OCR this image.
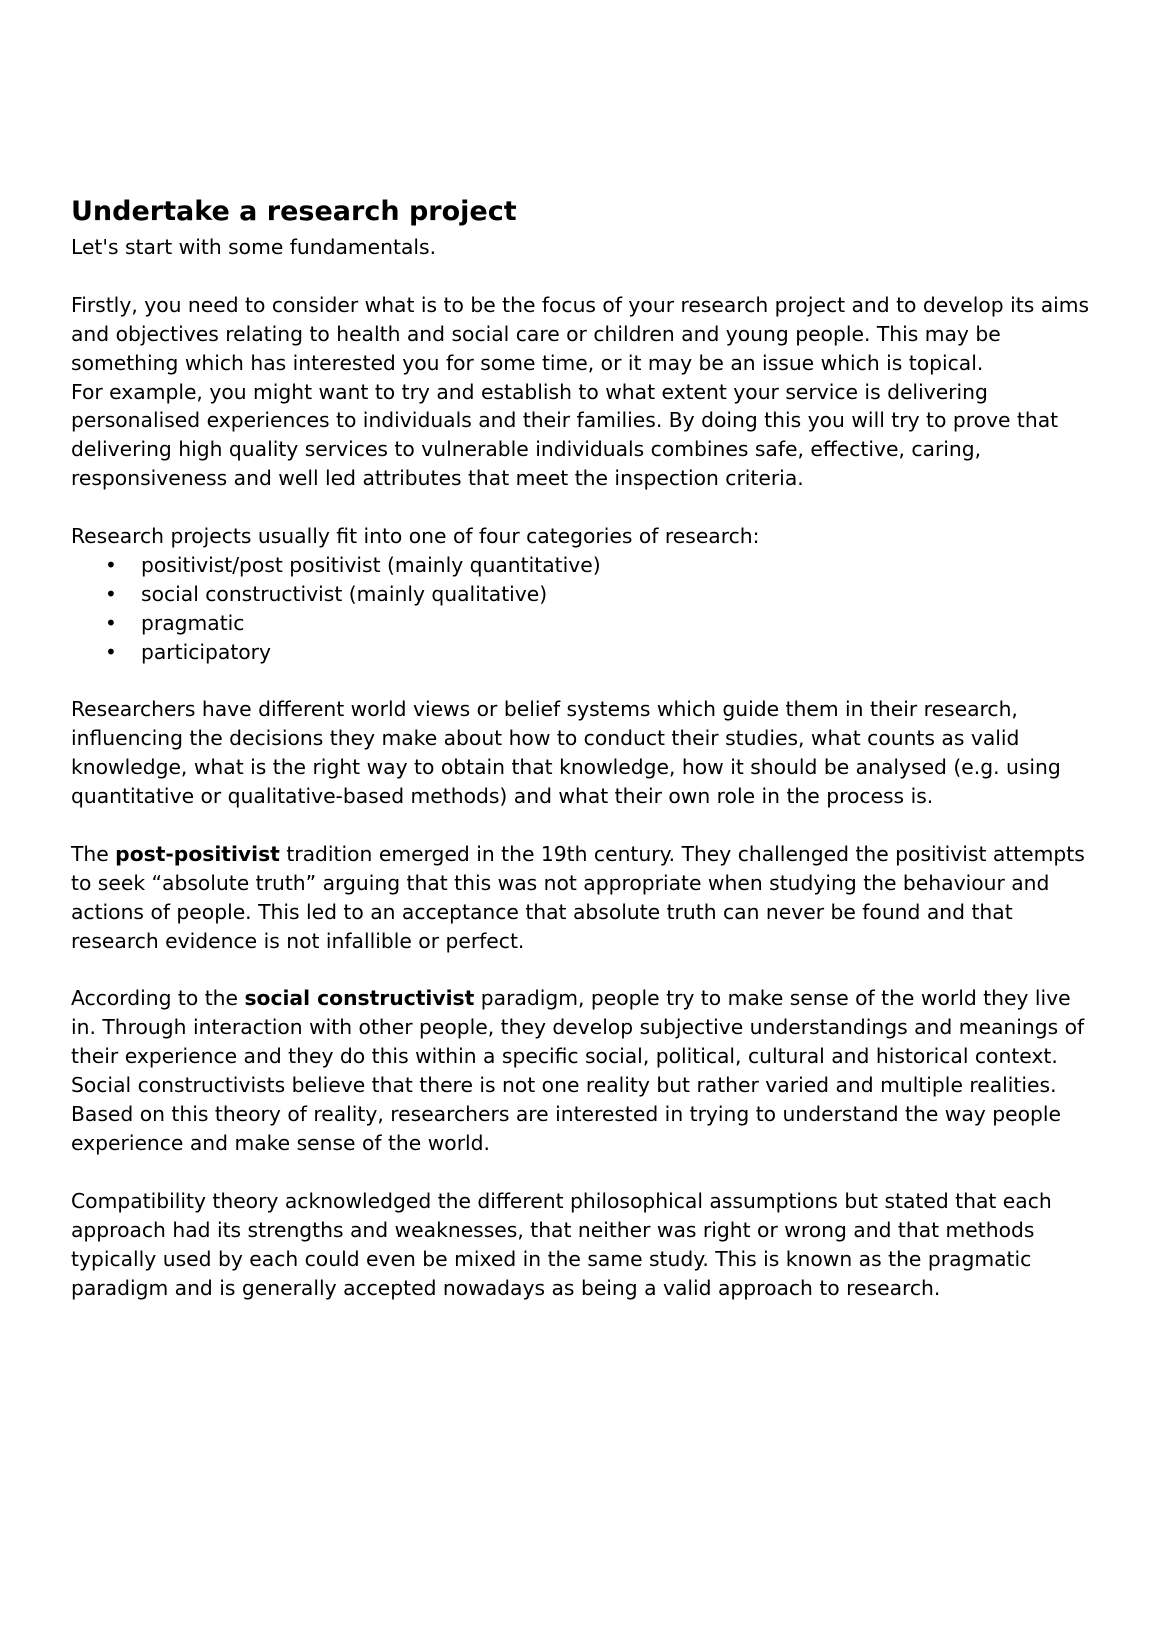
Undertake a research project

Let's start with some fundamentals.

Firstly, you need to consider what is to be the focus of your research project and to develop its aims and objectives relating to health and social care or children and young people. This may be something which has interested you for some time, or it may be an issue which is topical.

For example, you might want to try and establish to what extent your service is delivering personalised experiences to individuals and their families. By doing this you will try to prove that delivering high quality services to vulnerable individuals combines safe, effective, caring, responsiveness and well led attributes that meet the inspection criteria.

Research projects usually fit into one of four categories of research:

• positivist/post positivist (mainly quantitative)
• social constructivist (mainly qualitative)
• pragmatic
• participatory

Researchers have different world views or belief systems which guide them in their research, influencing the decisions they make about how to conduct their studies, what counts as valid knowledge, what is the right way to obtain that knowledge, how it should be analysed (e.g. using quantitative or qualitative-based methods) and what their own role in the process is.

The post-positivist tradition emerged in the 19th century. They challenged the positivist attempts to seek “absolute truth” arguing that this was not appropriate when studying the behaviour and actions of people. This led to an acceptance that absolute truth can never be found and that research evidence is not infallible or perfect.

According to the social constructivist paradigm, people try to make sense of the world they live in. Through interaction with other people, they develop subjective understandings and meanings of their experience and they do this within a specific social, political, cultural and historical context. Social constructivists believe that there is not one reality but rather varied and multiple realities. Based on this theory of reality, researchers are interested in trying to understand the way people experience and make sense of the world.

Compatibility theory acknowledged the different philosophical assumptions but stated that each approach had its strengths and weaknesses, that neither was right or wrong and that methods typically used by each could even be mixed in the same study. This is known as the pragmatic paradigm and is generally accepted nowadays as being a valid approach to research.
